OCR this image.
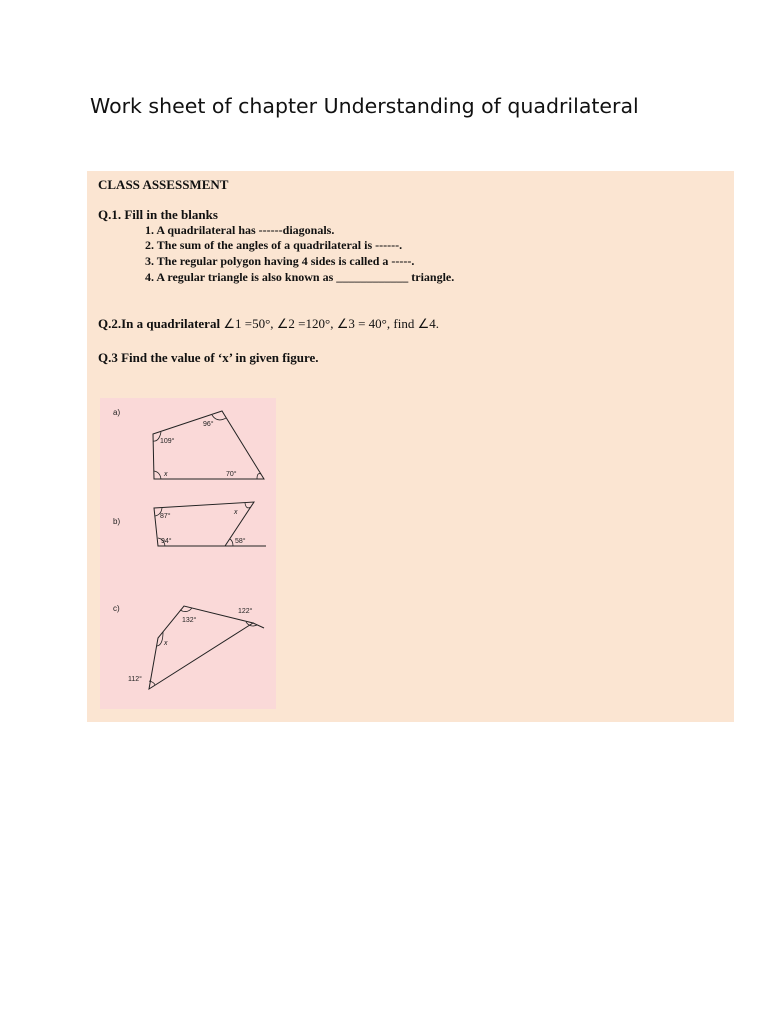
Work sheet of chapter Understanding of quadrilateral
CLASS ASSESSMENT
Q.1. Fill in the blanks
1. A quadrilateral has ------diagonals.
2. The sum of the angles of a quadrilateral is ------.
3. The regular polygon having 4 sides is called a -----.
4. A regular triangle is also known as ____________ triangle.
Q.2.In a quadrilateral ∠1 =50°, ∠2 =120°, ∠3 = 40°, find ∠4.
Q.3 Find the value of ‘x’ in given figure.
a)
96°
109°
x	70°
b)
87°
x
94°	58°
c)	122°
132°
x
112°
